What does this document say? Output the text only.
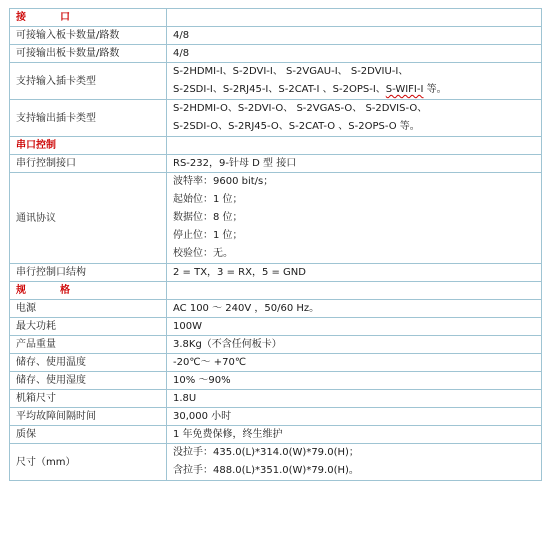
接　口	
可接输入板卡数量/路数	4/8
可接输出板卡数量/路数	4/8
支持输入插卡类型	S-2HDMI-I、S-2DVI-I、 S-2VGAU-I、 S-2DVIU-I、
S-2SDI-I、S-2RJ45-I、S-2CAT-I 、S-2OPS-I、S-WIFI-I 等。

支持输出插卡类型	S-2HDMI-O、S-2DVI-O、 S-2VGAS-O、 S-2DVIS-O、
S-2SDI-O、S-2RJ45-O、S-2CAT-O 、S-2OPS-O 等。

串口控制	
串行控制接口	RS-232，9-针母 D 型 接口
通讯协议	波特率：9600 bit/s；
起始位：1 位；
数据位：8 位；
停止位：1 位；
校验位：无。

串行控制口结构	2 = TX，3 = RX，5 = GND
规　格	
电源	AC 100 ～ 240V ，50/60 Hz。
最大功耗	100W
产品重量	3.8Kg（不含任何板卡）
储存、使用温度	-20℃～ +70℃
储存、使用湿度	10% ～90%
机箱尺寸	1.8U
平均故障间隔时间	30,000 小时
质保	1 年免费保修，终生维护
尺寸（mm）	没拉手：435.0(L)*314.0(W)*79.0(H)；
含拉手：488.0(L)*351.0(W)*79.0(H)。
